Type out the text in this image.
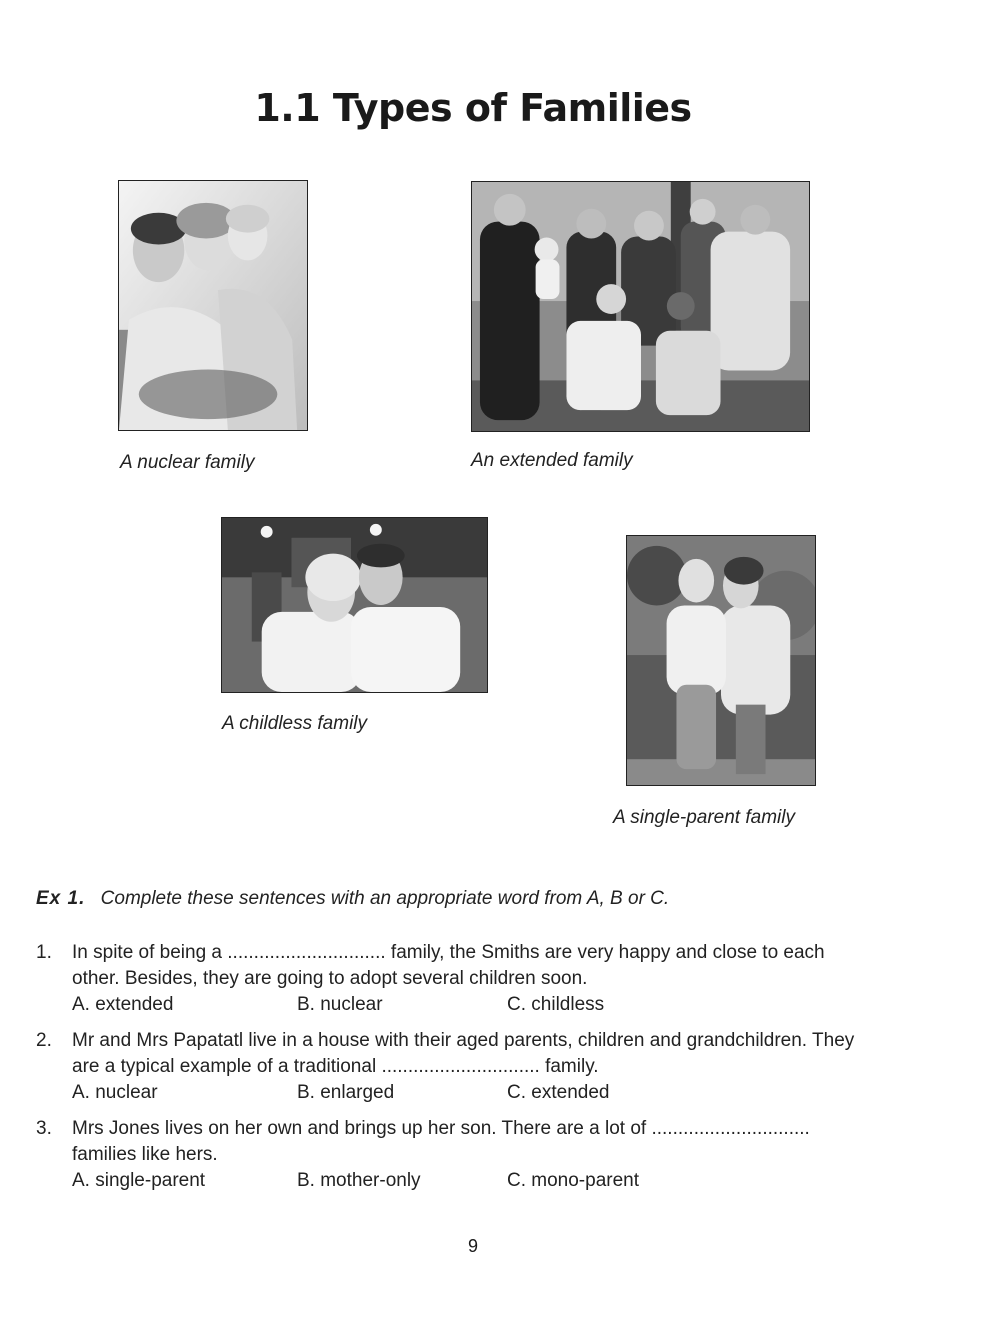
1.1 Types of Families
A nuclear family	An extended family
A childless family
A single-parent family
Ex 1. Complete these sentences with an appropriate word from A, B or C.
1. In spite of being a .............................. family, the Smiths are very happy and close to each
other. Besides, they are going to adopt several children soon.
A. extended	B. nuclear	C. childless
2. Mr and Mrs Papatatl live in a house with their aged parents, children and grandchildren. They
are a typical example of a traditional .............................. family.
A. nuclear	B. enlarged	C. extended
3. Mrs Jones lives on her own and brings up her son. There are a lot of ..............................
families like hers.
A. single-parent	B. mother-only	C. mono-parent
9
